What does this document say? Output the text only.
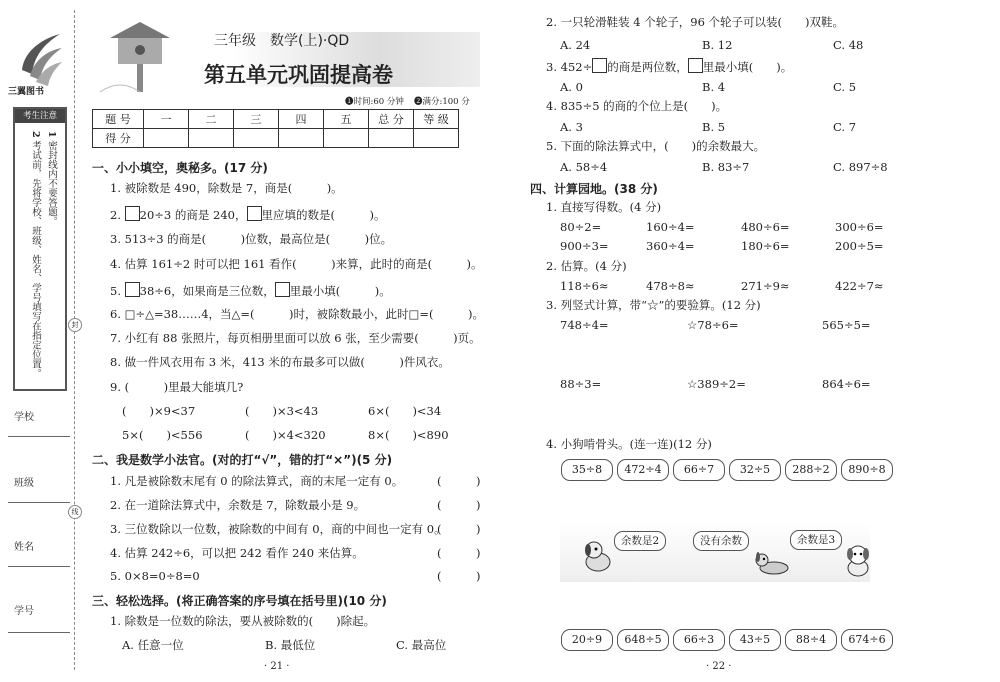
三翼图书
考生注意
1 密封线内不要答题。
2 考试前，先将学校、班级、姓名、学号填写在指定位置。
学校
班级
姓名
学号
封
线
三年级　数学(上)·QD
第五单元巩固提高卷
❶时间:60 分钟 ❷满分:100 分
题 号	一	二	三	四	五	总 分	等 级
得 分							
一、小小填空，奥秘多。(17 分)
1. 被除数是 490，除数是 7，商是(　　　)。
2. 20÷3 的商是 240， 里应填的数是(　　　)。
3. 513÷3 的商是(　　　)位数，最高位是(　　　)位。
4. 估算 161÷2 时可以把 161 看作(　　　)来算，此时的商是(　　　)。
5. 38÷6，如果商是三位数， 里最小填(　　　)。
6. □÷△=38……4，当△=(　　　)时，被除数最小，此时□=(　　　)。
7. 小红有 88 张照片，每页相册里面可以放 6 张，至少需要(　　　)页。
8. 做一件风衣用布 3 米，413 米的布最多可以做(　　　)件风衣。
9. (　　　)里最大能填几?
(　　)×9<37	(　　)×3<43	6×(　　)<34
5×(　　)<556	(　　)×4<320	8×(　　)<890
二、我是数学小法官。(对的打“√”，错的打“×”)(5 分)
1. 凡是被除数末尾有 0 的除法算式，商的末尾一定有 0。	(　　　)
2. 在一道除法算式中，余数是 7，除数最小是 9。	(　　　)
3. 三位数除以一位数，被除数的中间有 0，商的中间也一定有 0。
(　　　)
4. 估算 242÷6，可以把 242 看作 240 来估算。	(　　　)
5. 0×8=0÷8=0	(　　　)
三、轻松选择。(将正确答案的序号填在括号里)(10 分)
1. 除数是一位数的除法，要从被除数的(　　)除起。
A. 任意一位	B. 最低位	C. 最高位
· 21 ·
2. 一只轮滑鞋装 4 个轮子，96 个轮子可以装(　　)双鞋。
A. 24	B. 12	C. 48
3. 452÷ 的商是两位数， 里最小填(　　)。
A. 0	B. 4	C. 5
4. 835÷5 的商的个位上是(　　)。
A. 3	B. 5	C. 7
5. 下面的除法算式中，(　　)的余数最大。
A. 58÷4	B. 83÷7	C. 897÷8
四、计算园地。(38 分)
1. 直接写得数。(4 分)
80÷2=	160÷4=	480÷6=	300÷6=
900÷3=	360÷4=	180÷6=	200÷5=
2. 估算。(4 分)
118÷6≈	478÷8≈	271÷9≈	422÷7≈
3. 列竖式计算，带“☆”的要验算。(12 分)
748÷4=	☆78÷6=	565÷5=
88÷3=	☆389÷2=	864÷6=
4. 小狗啃骨头。(连一连)(12 分)
35÷8	472÷4	66÷7	32÷5	288÷2	890÷8
余数是2	没有余数	余数是3
20÷9	648÷5	66÷3	43÷5	88÷4	674÷6
· 22 ·
